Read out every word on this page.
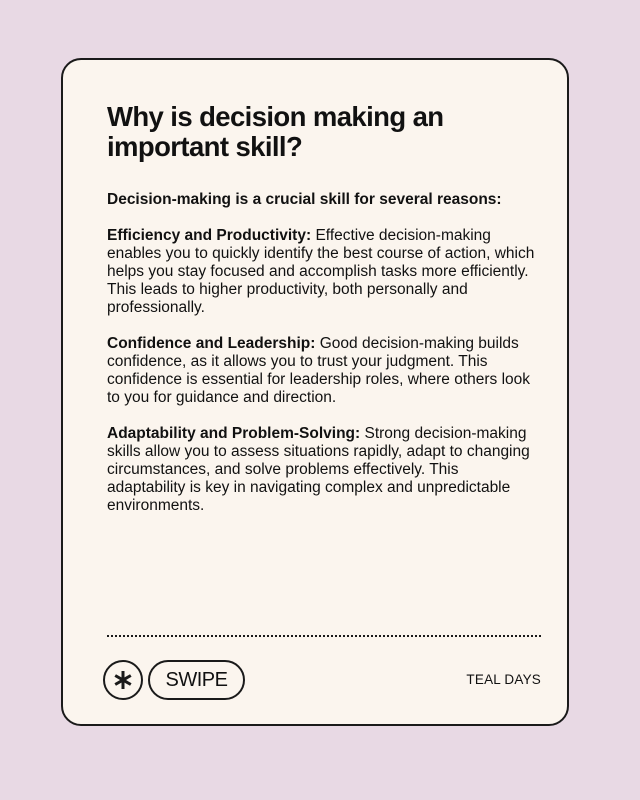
Why is decision making an important skill?

Decision-making is a crucial skill for several reasons:

Efficiency and Productivity: Effective decision-making enables you to quickly identify the best course of action, which helps you stay focused and accomplish tasks more efficiently. This leads to higher productivity, both personally and professionally.

Confidence and Leadership: Good decision-making builds confidence, as it allows you to trust your judgment. This confidence is essential for leadership roles, where others look to you for guidance and direction.

Adaptability and Problem-Solving: Strong decision-making skills allow you to assess situations rapidly, adapt to changing circumstances, and solve problems effectively. This adaptability is key in navigating complex and unpredictable environments.

SWIPE	TEAL DAYS
